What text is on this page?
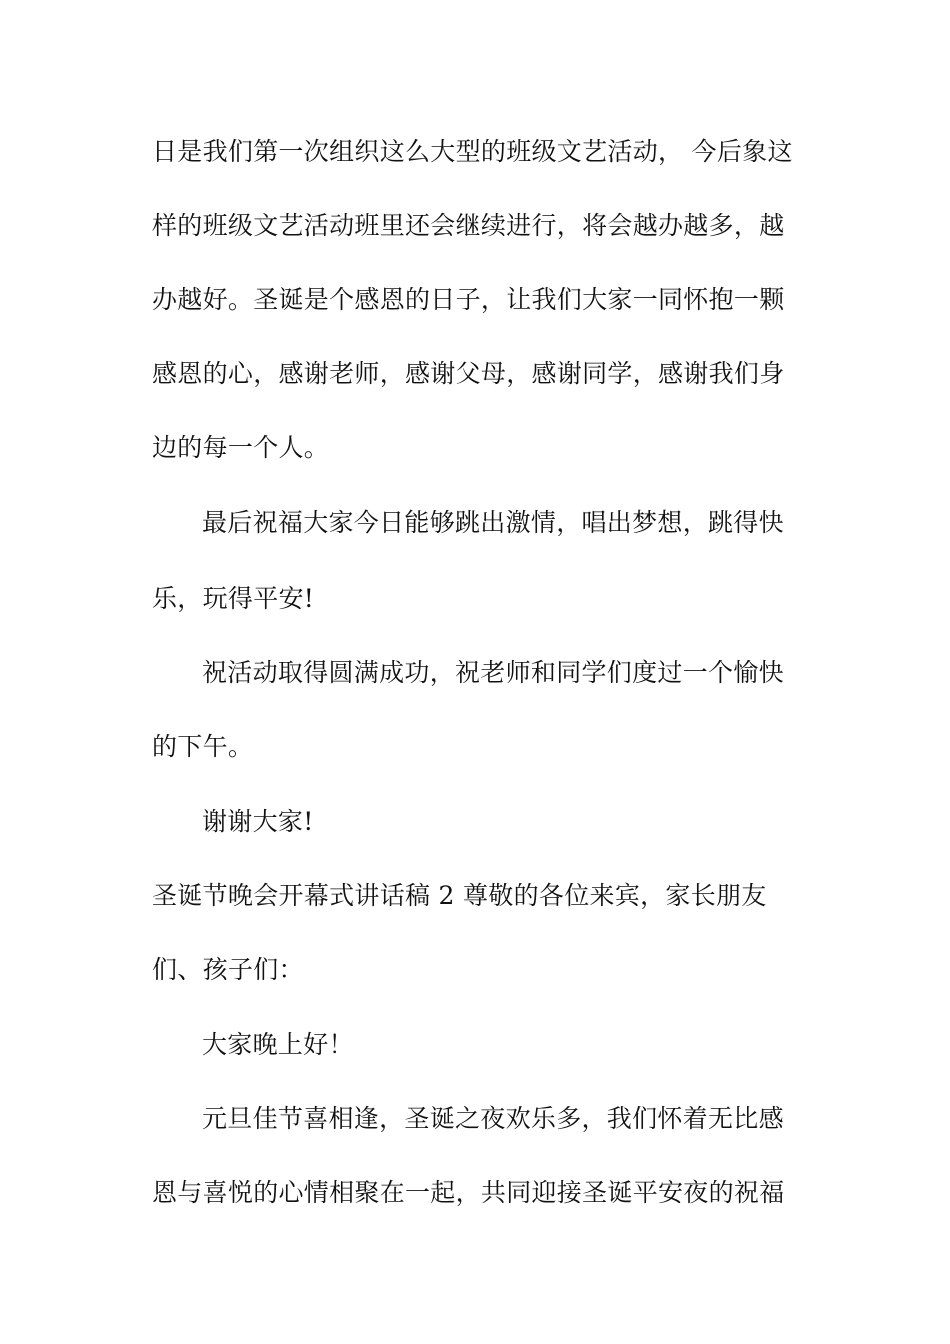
日是我们第一次组织这么大型的班级文艺活动， 今后象这
样的班级文艺活动班里还会继续进行，将会越办越多，越
办越好。圣诞是个感恩的日子，让我们大家一同怀抱一颗
感恩的心，感谢老师，感谢父母，感谢同学，感谢我们身
边的每一个人。
最后祝福大家今日能够跳出激情，唱出梦想，跳得快
乐，玩得平安!
祝活动取得圆满成功，祝老师和同学们度过一个愉快
的下午。
谢谢大家!
圣诞节晚会开幕式讲话稿 2 尊敬的各位来宾，家长朋友
们、孩子们：
大家晚上好！
元旦佳节喜相逢，圣诞之夜欢乐多，我们怀着无比感
恩与喜悦的心情相聚在一起，共同迎接圣诞平安夜的祝福
